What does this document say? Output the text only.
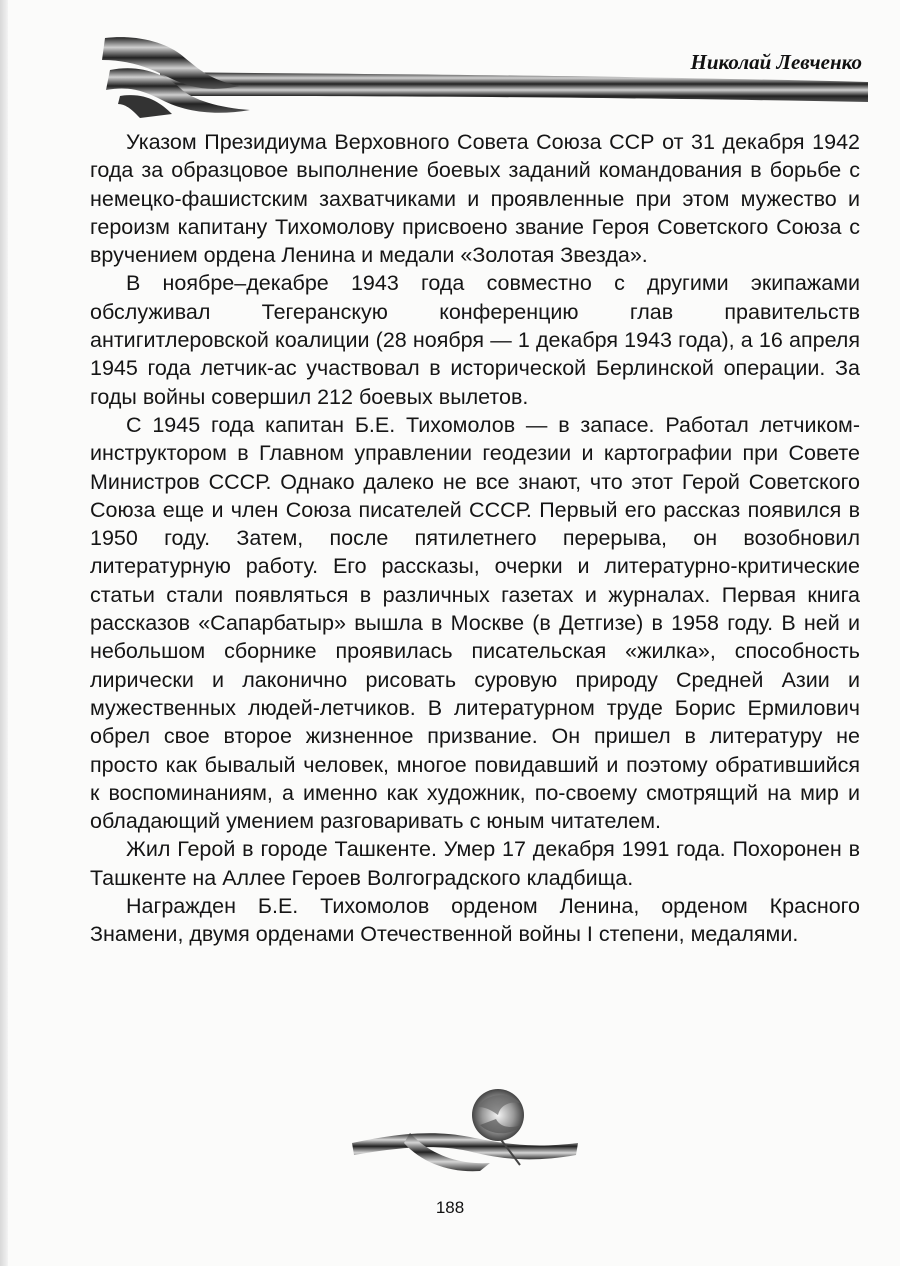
Николай Левченко

Указом Президиума Верховного Совета Союза ССР от 31 декабря 1942 года за образцовое выполнение боевых заданий командования в борьбе с немецко-фашистским захватчиками и проявленные при этом мужество и героизм капитану Тихомолову присвоено звание Героя Советского Союза с вручением ордена Ленина и медали «Золотая Звезда».

В ноябре–декабре 1943 года совместно с другими экипажами обслуживал Тегеранскую конференцию глав правительств антигитлеровской коалиции (28 ноября — 1 декабря 1943 года), а 16 апреля 1945 года летчик-ас участвовал в исторической Берлинской операции. За годы войны совершил 212 боевых вылетов.

С 1945 года капитан Б.Е. Тихомолов — в запасе. Работал летчиком-инструктором в Главном управлении геодезии и картографии при Совете Министров СССР. Однако далеко не все знают, что этот Герой Советского Союза еще и член Союза писателей СССР. Первый его рассказ появился в 1950 году. Затем, после пятилетнего перерыва, он возобновил литературную работу. Его рассказы, очерки и литературно-критические статьи стали появляться в различных газетах и журналах. Первая книга рассказов «Сапарбатыр» вышла в Москве (в Детгизе) в 1958 году. В ней и небольшом сборнике проявилась писательская «жилка», способность лирически и лаконично рисовать суровую природу Средней Азии и мужественных людей-летчиков. В литературном труде Борис Ермилович обрел свое второе жизненное призвание. Он пришел в литературу не просто как бывалый человек, многое повидавший и поэтому обратившийся к воспоминаниям, а именно как художник, по-своему смотрящий на мир и обладающий умением разговаривать с юным читателем.

Жил Герой в городе Ташкенте. Умер 17 декабря 1991 года. Похоронен в Ташкенте на Аллее Героев Волгоградского кладбища.

Награжден Б.Е. Тихомолов орденом Ленина, орденом Красного Знамени, двумя орденами Отечественной войны I степени, медалями.

188
